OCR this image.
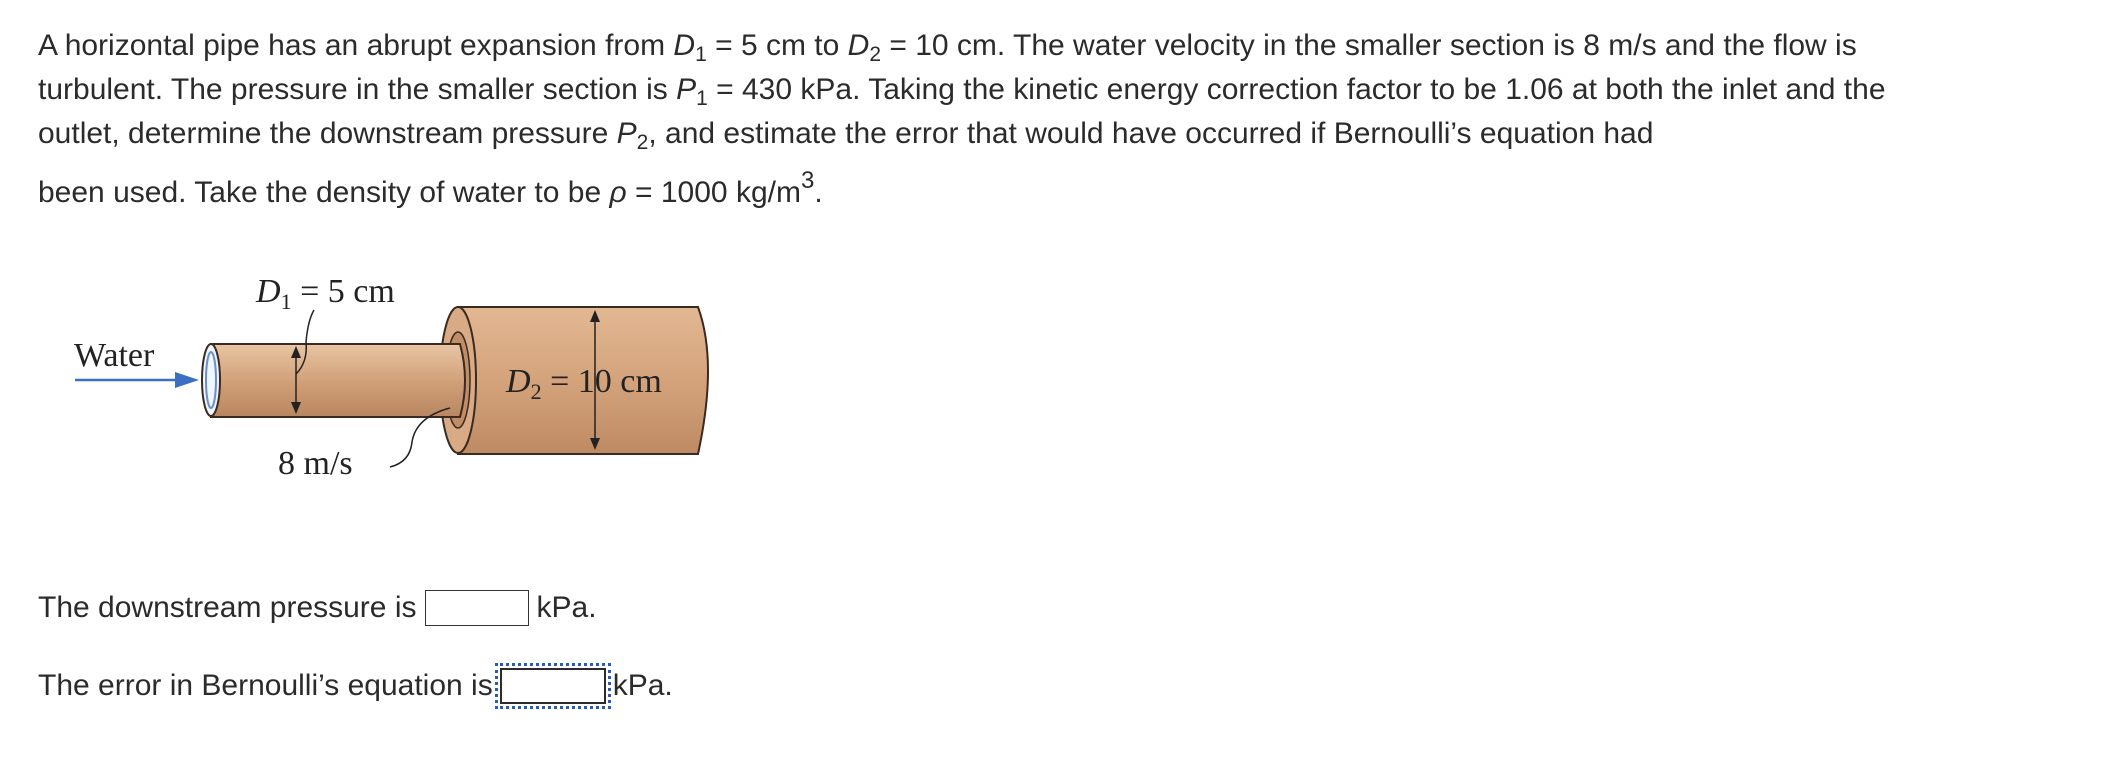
A horizontal pipe has an abrupt expansion from $D_1 = 5$ cm to $D_2 = 10$ cm. The water velocity in the smaller section is 8 m/s and the flow is turbulent. The pressure in the smaller section is $P_1 = 430$ kPa. Taking the kinetic energy correction factor to be 1.06 at both the inlet and the outlet, determine the downstream pressure $P_2$, and estimate the error that would have occurred if Bernoulli’s equation had
been used. Take the density of water to be ρ = 1000 $kg/m^3$.

$D_1 = 5$ cm
Water
$D_2 = 10$ cm
8 m/s
The downstream pressure is	kPa.
The error in Bernoulli’s equation is	kPa.
